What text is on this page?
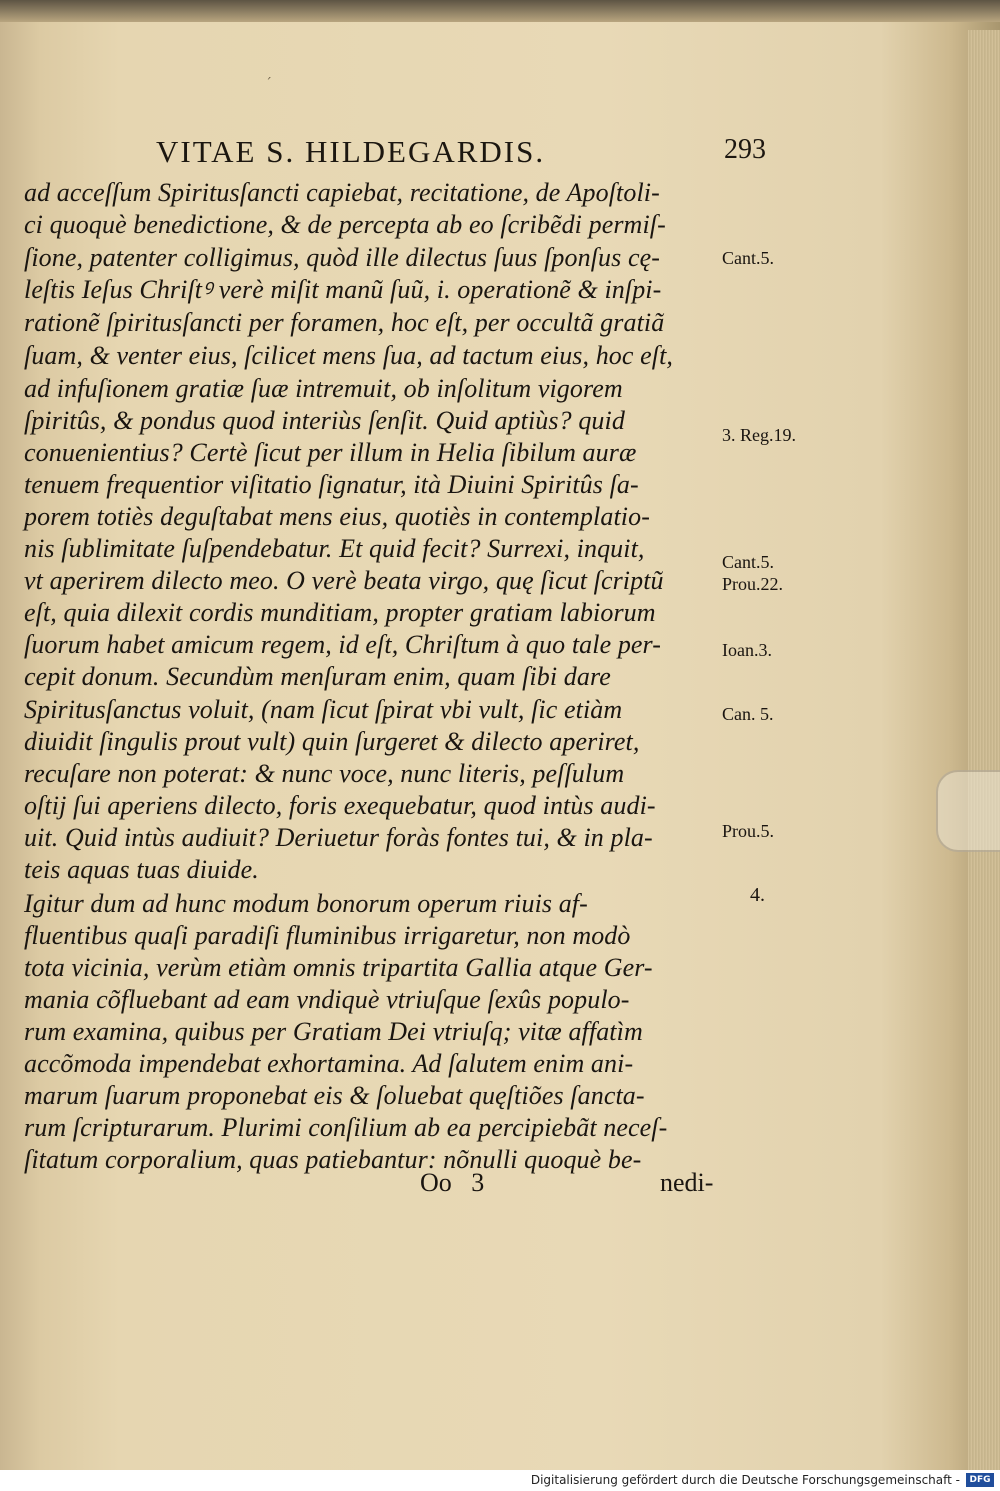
ˊ
VITAE S. HILDEGARDIS.	293
ad acceſſum Spiritusſancti capiebat, recitatione, de Apoſtoli-
ci quoquè benedictione, & de percepta ab eo ſcribẽdi permiſ-
ſione, patenter colligimus, quòd ille dilectus ſuus ſponſus cę-
leſtis Ieſus Chriſtꝰ verè miſit manũ ſuũ, i. operationẽ & inſpi-
rationẽ ſpiritusſancti per foramen, hoc eſt, per occultã gratiã
ſuam, & venter eius, ſcilicet mens ſua, ad tactum eius, hoc eſt,
ad infuſionem gratiæ ſuæ intremuit, ob inſolitum vigorem
ſpiritûs, & pondus quod interiùs ſenſit. Quid aptiùs? quid
conuenientius? Certè ſicut per illum in Helia ſibilum auræ
tenuem frequentior viſitatio ſignatur, ità Diuini Spiritûs ſa-
porem totiès deguſtabat mens eius, quotiès in contemplatio-
nis ſublimitate ſuſpendebatur. Et quid fecit? Surrexi, inquit,
vt aperirem dilecto meo. O verè beata virgo, quę ſicut ſcriptũ
eſt, quia dilexit cordis munditiam, propter gratiam labiorum
ſuorum habet amicum regem, id eſt, Chriſtum à quo tale per-
cepit donum. Secundùm menſuram enim, quam ſibi dare
Spiritusſanctus voluit, (nam ſicut ſpirat vbi vult, ſic etiàm
diuidit ſingulis prout vult) quin ſurgeret & dilecto aperiret,
recuſare non poterat: & nunc voce, nunc literis, peſſulum
oſtij ſui aperiens dilecto, foris exequebatur, quod intùs audi-
uit. Quid intùs audiuit? Deriuetur foràs fontes tui, & in pla-
teis aquas tuas diuide.
Igitur dum ad hunc modum bonorum operum riuis af-
fluentibus quaſi paradiſi fluminibus irrigaretur, non modò
tota vicinia, verùm etiàm omnis tripartita Gallia atque Ger-
mania cõfluebant ad eam vndiquè vtriuſque ſexûs populo-
rum examina, quibus per Gratiam Dei vtriuſq; vitæ affatìm
accõmoda impendebat exhortamina. Ad ſalutem enim ani-
marum ſuarum proponebat eis & ſoluebat quęſtiões ſancta-
rum ſcripturarum. Plurimi conſilium ab ea percipiebãt neceſ-
ſitatum corporalium, quas patiebantur: nõnulli quoquè be-
Cant.5.
3. Reg.19.
Cant.5.
Prou.22.
Ioan.3.
Can. 5.
Prou.5.
4.
Oo   3	nedi-
Digitalisierung gefördert durch die Deutsche Forschungsgemeinschaft -	DFG
